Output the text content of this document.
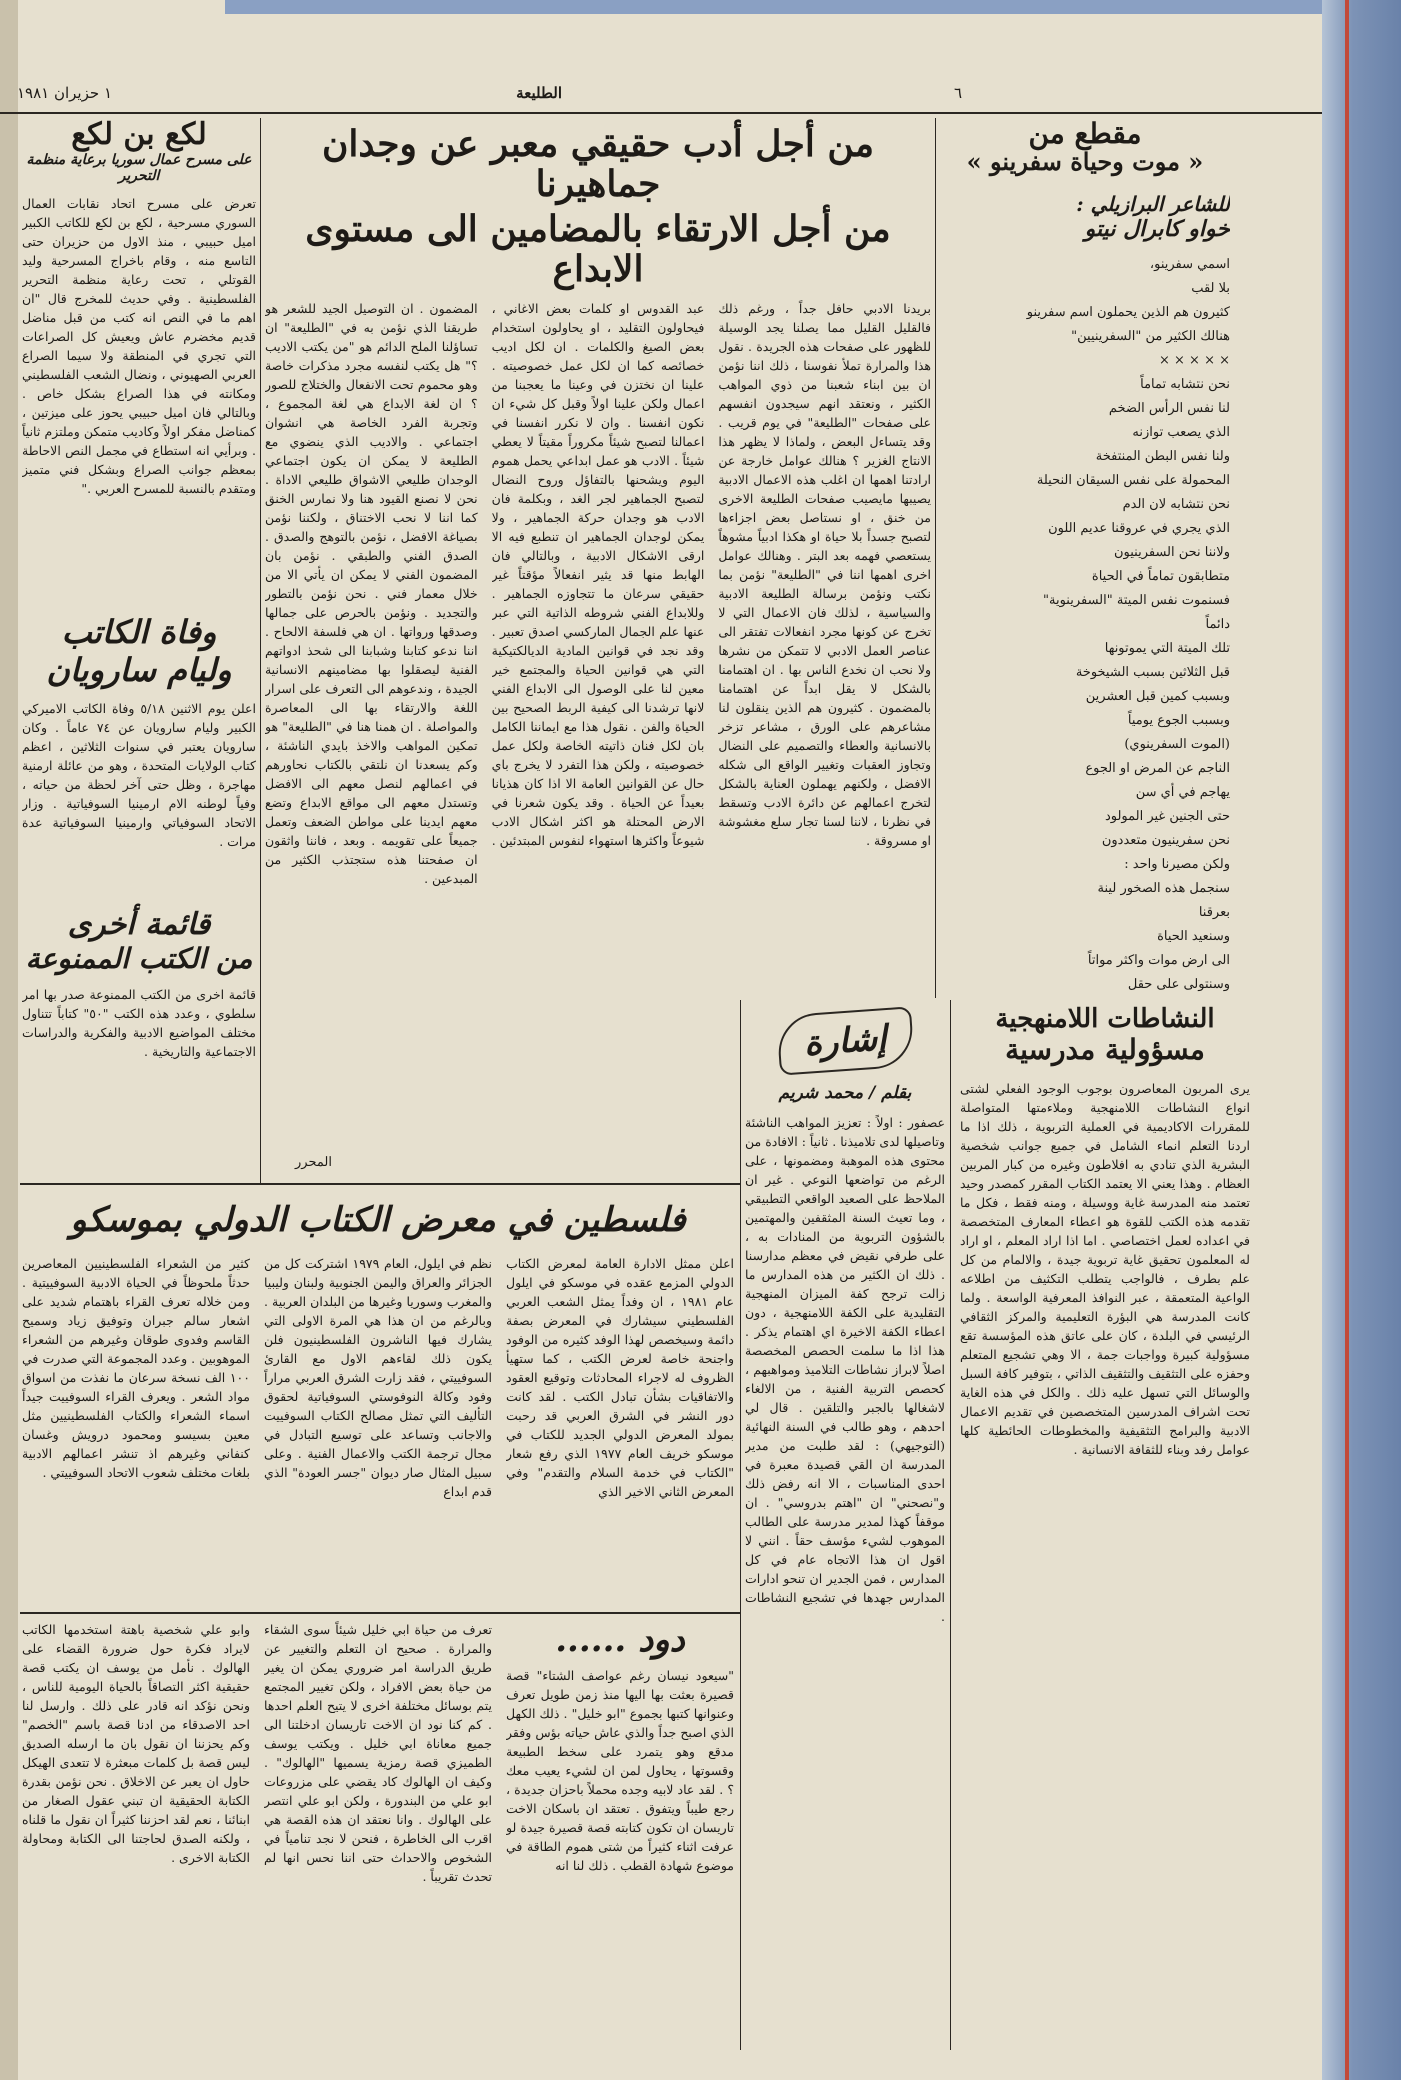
٦
الطليعة
١ حزيران ١٩٨١
مقطع من
« موت وحياة سفرينو »
للشاعر البرازيلي :
خواو كابرال نيتو
اسمي سفرينو،
بلا لقب
كثيرون هم الذين يحملون اسم سفرينو
هنالك الكثير من "السفرينيين"
× × × × ×
نحن نتشابه تماماً
لنا نفس الرأس الضخم
الذي يصعب توازنه
ولنا نفس البطن المنتفخة
المحمولة على نفس السيقان النحيلة
نحن نتشابه لان الدم
الذي يجري في عروقنا عديم اللون
ولاننا نحن السفرينيون
متطابقون تماماً في الحياة
فسنموت نفس الميتة "السفرينوية"
دائماً
تلك الميتة التي يموتونها
قبل الثلاثين بسبب الشيخوخة
وبسبب كمين قبل العشرين
وبسبب الجوع يومياً
(الموت السفرينوي)
الناجم عن المرض او الجوع
يهاجم في أي سن
حتى الجنين غير المولود
نحن سفرينيون متعددون
ولكن مصيرنا واحد :
سنجمل هذه الصخور لينة
بعرقنا
وسنعيد الحياة
الى ارض موات واكثر مواتاً
وسنتولى على حقل
من أجل أدب حقيقي معبر عن وجدان جماهيرنا
من أجل الارتقاء بالمضامين الى مستوى الابداع
بريدنا الادبي حافل جداً ، ورغم ذلك فالقليل القليل مما يصلنا يجد الوسيلة للظهور على صفحات هذه الجريدة . نقول هذا والمرارة تملأ نفوسنا ، ذلك اننا نؤمن ان بين ابناء شعبنا من ذوي المواهب الكثير ، ونعتقد انهم سيجدون انفسهم على صفحات "الطليعة" في يوم قريب . وقد يتساءل البعض ، ولماذا لا يظهر هذا الانتاج الغزير ؟ هنالك عوامل خارجة عن ارادتنا اهمها ان اغلب هذه الاعمال الادبية يصيبها مايصيب صفحات الطليعة الاخرى من خنق ، او نستاصل بعض اجزاءها لتصبح جسداً بلا حياة او هكذا ادبياً مشوهاً يستعصي فهمه بعد البتر . وهنالك عوامل اخرى اهمها اننا في "الطليعة" نؤمن بما نكتب ونؤمن برسالة الطليعة الادبية والسياسية ، لذلك فان الاعمال التي لا تخرج عن كونها مجرد انفعالات تفتقر الى عناصر العمل الادبي لا تتمكن من نشرها ولا نحب ان نخدع الناس بها . ان اهتمامنا بالشكل لا يقل ابداً عن اهتمامنا بالمضمون . كثيرون هم الذين ينقلون لنا مشاعرهم على الورق ، مشاعر تزخر بالانسانية والعطاء والتصميم على النضال وتجاوز العقبات وتغيير الواقع الى شكله الافضل ، ولكنهم يهملون العناية بالشكل لتخرج اعمالهم عن دائرة الادب وتسقط في نظرنا ، لاننا لسنا تجار سلع مغشوشة او مسروقة .
عبد القدوس او كلمات بعض الاغاني ، فيحاولون التقليد ، او يحاولون استخدام بعض الصيغ والكلمات . ان لكل اديب خصائصه كما ان لكل عمل خصوصيته . علينا ان نختزن في وعينا ما يعجبنا من اعمال ولكن علينا اولاً وقبل كل شيء ان نكون انفسنا . وان لا نكرر انفسنا في اعمالنا لتصبح شيئاً مكروراً مقيتاً لا يعطي شيئاً . الادب هو عمل ابداعي يحمل هموم اليوم ويشحنها بالتفاؤل وروح النضال لتصبح الجماهير لجر الغد ، وبكلمة فان الادب هو وجدان حركة الجماهير ، ولا يمكن لوجدان الجماهير ان تنطبع فيه الا ارقى الاشكال الادبية ، وبالتالي فان الهابط منها قد يثير انفعالاً مؤقتاً غير حقيقي سرعان ما تتجاوزه الجماهير . وللابداع الفني شروطه الذاتية التي عبر عنها علم الجمال الماركسي اصدق تعبير . وقد نجد في قوانين المادية الديالكتيكية التي هي قوانين الحياة والمجتمع خير معين لنا على الوصول الى الابداع الفني لانها ترشدنا الى كيفية الربط الصحيح بين الحياة والفن . نقول هذا مع ايماننا الكامل بان لكل فنان ذاتيته الخاصة ولكل عمل خصوصيته ، ولكن هذا التفرد لا يخرج باي حال عن القوانين العامة الا اذا كان هذيانا بعيداً عن الحياة . وقد يكون شعرنا في الارض المحتلة هو اكثر اشكال الادب شيوعاً واكثرها استهواء لنفوس المبتدئين .
المضمون . ان التوصيل الجيد للشعر هو طريقنا الذي نؤمن به في "الطليعة" ان تساؤلنا الملح الدائم هو "من يكتب الاديب ؟" هل يكتب لنفسه مجرد مذكرات خاصة وهو محموم تحت الانفعال والختلاج للصور ؟ ان لغة الابداع هي لغة المجموع ، وتجربة الفرد الخاصة هي انشوان اجتماعي . والاديب الذي ينضوي مع الطليعة لا يمكن ان يكون اجتماعي الوجدان طليعي الاشواق طليعي الاداة . نحن لا نصنع القيود هنا ولا نمارس الخنق كما اننا لا نحب الاختناق ، ولكننا نؤمن بصياغة الافضل ، نؤمن بالتوهج والصدق . الصدق الفني والطبقي . نؤمن بان المضمون الفني لا يمكن ان يأتي الا من خلال معمار فني . نحن نؤمن بالتطور والتجديد . ونؤمن بالحرص على جمالها وصدقها ورواتها . ان هي فلسفة الالحاح . اننا ندعو كتابنا وشبابنا الى شحذ ادواتهم الفنية ليصقلوا بها مضامينهم الانسانية الجيدة ، وندعوهم الى التعرف على اسرار اللغة والارتقاء بها الى المعاصرة والمواصلة . ان همنا هنا في "الطليعة" هو تمكين المواهب والاخذ بايدي الناشئة ، وكم يسعدنا ان نلتقي بالكتاب نحاورهم في اعمالهم لنصل معهم الى الافضل وتستدل معهم الى مواقع الابداع وتضع معهم ايدينا على مواطن الضعف وتعمل جميعاً على تقويمه . وبعد ، فاننا واثقون ان صفحتنا هذه ستجتذب الكثير من المبدعين .
المحرر
لكع بن لكع
على مسرح عمال سوريا برعاية منظمة التحرير
تعرض على مسرح اتحاد نقابات العمال السوري مسرحية ، لكع بن لكع للكاتب الكبير اميل حبيبي ، منذ الاول من حزيران حتى التاسع منه ، وقام باخراج المسرحية وليد القوتلي ، تحت رعاية منظمة التحرير الفلسطينية . وفي حديث للمخرج قال "ان اهم ما في النص انه كتب من قبل مناضل قديم مخضرم عاش ويعيش كل الصراعات التي تجري في المنطقة ولا سيما الصراع العربي الصهيوني ، ونضال الشعب الفلسطيني ومكانته في هذا الصراع بشكل خاص . وبالتالي فان اميل حبيبي يحوز على ميزتين ، كمناضل مفكر اولاً وكاديب متمكن وملتزم ثانياً . وبرأيي انه استطاع في مجمل النص الاحاطة بمعظم جوانب الصراع وبشكل فني متميز ومتقدم بالنسبة للمسرح العربي ."
وفاة الكاتب
وليام سارويان
اعلن يوم الاثنين ٥/١٨ وفاة الكاتب الاميركي الكبير وليام سارويان عن ٧٤ عاماً . وكان سارويان يعتبر في سنوات الثلاثين ، اعظم كتاب الولايات المتحدة ، وهو من عائلة ارمنية مهاجرة ، وظل حتى آخر لحظة من حياته ، وفياً لوطنه الام ارمينيا السوفياتية . وزار الاتحاد السوفياتي وارمينيا السوفياتية عدة مرات .
قائمة أخرى
من الكتب الممنوعة
قائمة اخرى من الكتب الممنوعة صدر بها امر سلطوي ، وعدد هذه الكتب "٥٠" كتاباً تتناول مختلف المواضيع الادبية والفكرية والدراسات الاجتماعية والتاريخية .
النشاطات اللامنهجية
مسؤولية مدرسية
يرى المربون المعاصرون بوجوب الوجود الفعلي لشتى انواع النشاطات اللامنهجية وملاءمتها المتواصلة للمقررات الاكاديمية في العملية التربوية ، ذلك اذا ما اردنا التعلم انماء الشامل في جميع جوانب شخصية البشرية الذي تنادي به افلاطون وغيره من كبار المربين العظام . وهذا يعني الا يعتمد الكتاب المقرر كمصدر وحيد تعتمد منه المدرسة غاية ووسيلة ، ومنه فقط ، فكل ما تقدمه هذه الكتب للقوة هو اعطاء المعارف المتخصصة في اعداده لعمل اختصاصي . اما اذا اراد المعلم ، او اراد له المعلمون تحقيق غاية تربوية جيدة ، والالمام من كل علم بطرف ، فالواجب يتطلب التكثيف من اطلاعه الواعية المتعمقة ، عبر النوافذ المعرفية الواسعة . ولما كانت المدرسة هي البؤرة التعليمية والمركز الثقافي الرئيسي في البلدة ، كان على عاتق هذه المؤسسة تقع مسؤولية كبيرة وواجبات جمة ، الا وهي تشجيع المتعلم وحفزه على التثقيف والتثقيف الذاتي ، بتوفير كافة السبل والوسائل التي تسهل عليه ذلك . والكل في هذه الغاية تحت اشراف المدرسين المتخصصين في تقديم الاعمال الادبية والبرامج التثقيفية والمخطوطات الحائطية كلها عوامل رفد وبناء للثقافة الانسانية .
إشارة
بقلم / محمد شريم
عصفور : اولاً : تعزيز المواهب الناشئة وتاصيلها لدى تلاميذنا . ثانياً : الافادة من محتوى هذه الموهبة ومضمونها ، على الرغم من تواضعها النوعي . غير ان الملاحظ على الصعيد الواقعي التطبيقي ، وما تعيث السنة المثقفين والمهتمين بالشؤون التربوية من المنادات به ، على طرفي نقيض في معظم مدارسنا . ذلك ان الكثير من هذه المدارس ما زالت ترجح كفة الميزان المنهجية التقليدية على الكفة اللامنهجية ، دون اعطاء الكفة الاخيرة اي اهتمام يذكر . هذا اذا ما سلمت الحصص المخصصة اصلاً لابراز نشاطات التلاميذ ومواهبهم ، كحصص التربية الفنية ، من الالغاء لاشغالها بالجبر والتلقين . قال لي احدهم ، وهو طالب في السنة النهائية (التوجيهي) : لقد طلبت من مدير المدرسة ان القي قصيدة معبرة في احدى المناسبات ، الا انه رفض ذلك و"نصحني" ان "اهتم بدروسي" . ان موقفاً كهذا لمدير مدرسة على الطالب الموهوب لشيء مؤسف حقاً . انني لا اقول ان هذا الاتجاه عام في كل المدارس ، فمن الجدير ان تنحو ادارات المدارس جهدها في تشجيع النشاطات .
فلسطين في معرض الكتاب الدولي بموسكو
اعلن ممثل الادارة العامة لمعرض الكتاب الدولي المزمع عقده في موسكو في ايلول عام ١٩٨١ ، ان وفداً يمثل الشعب العربي الفلسطيني سيشارك في المعرض بصفة دائمة وسيخصص لهذا الوفد كثيره من الوفود واجنحة خاصة لعرض الكتب ، كما ستهيأ الظروف له لاجراء المحادثات وتوقيع العقود والاتفاقيات بشأن تبادل الكتب . لقد كانت دور النشر في الشرق العربي قد رحبت بمولد المعرض الدولي الجديد للكتاب في موسكو خريف العام ١٩٧٧ الذي رفع شعار "الكتاب في خدمة السلام والتقدم" وفي المعرض الثاني الاخير الذي
نظم في ايلول، العام ١٩٧٩ اشتركت كل من الجزائر والعراق واليمن الجنوبية ولبنان وليبيا والمغرب وسوريا وغيرها من البلدان العربية . وبالرغم من ان هذا هي المرة الاولى التي يشارك فيها الناشرون الفلسطينيون فلن يكون ذلك لقاءهم الاول مع القارئ السوفييتي ، فقد زارت الشرق العربي مراراً وفود وكالة النوفوستي السوفياتية لحقوق التأليف التي تمثل مصالح الكتاب السوفييت والاجانب وتساعد على توسيع التبادل في مجال ترجمة الكتب والاعمال الفنية . وعلى سبيل المثال صار ديوان "جسر العودة" الذي قدم ابداع
كثير من الشعراء الفلسطينيين المعاصرين حدثاً ملحوظاً في الحياة الادبية السوفييتية . ومن خلاله تعرف القراء باهتمام شديد على اشعار سالم جبران وتوفيق زياد وسميح القاسم وفدوى طوقان وغيرهم من الشعراء الموهوبين . وعدد المجموعة التي صدرت في ١٠٠ الف نسخة سرعان ما نفذت من اسواق مواد الشعر . ويعرف القراء السوفييت جيداً اسماء الشعراء والكتاب الفلسطينيين مثل معين بسيسو ومحمود درويش وغسان كنفاني وغيرهم اذ تنشر اعمالهم الادبية بلغات مختلف شعوب الاتحاد السوفييتي .
دود ......
"سيعود نيسان رغم عواصف الشتاء" قصة قصيرة بعثت بها اليها منذ زمن طويل تعرف وعنوانها كتبها بجموع "ابو خليل" . ذلك الكهل الذي اصبح جداً والذي عاش حياته بؤس وفقر مدقع وهو يتمرد على سخط الطبيعة وقسوتها ، يحاول لمن ان لشيء يعيب معك ؟ . لقد عاد لابيه وجده محملاً باحزان جديدة ، رجع طيباً ويتفوق . تعتقد ان باسكان الاخت تاريسان ان تكون كتابته قصة قصيرة جيدة لو عرفت اثناء كثيراً من شتى هموم الطاقة في موضوع شهادة القطب . ذلك لنا انه
تعرف من حياة ابي خليل شيئاً سوى الشقاء والمرارة . صحيح ان التعلم والتغيير عن طريق الدراسة امر ضروري يمكن ان يغير من حياة بعض الافراد ، ولكن تغيير المجتمع يتم بوسائل مختلفة اخرى لا يتيح العلم احدها . كم كنا نود ان الاخت تاريسان ادخلتنا الى جميع معاناة ابي خليل . ويكتب يوسف الطميزي قصة رمزية يسميها "الهالوك" . وكيف ان الهالوك كاد يقضي على مزروعات ابو علي من البندورة ، ولكن ابو علي انتصر على الهالوك . وانا نعتقد ان هذه القصة هي اقرب الى الخاطرة ، فنحن لا نجد تنامياً في الشخوص والاحداث حتى اننا نحس انها لم تحدث تقريباً .
وابو علي شخصية باهتة استخدمها الكاتب لايراد فكرة حول ضرورة القضاء على الهالوك . نأمل من يوسف ان يكتب قصة حقيقية اكثر التصاقاً بالحياة اليومية للناس ، ونحن نؤكد انه قادر على ذلك . وارسل لنا احد الاصدقاء من ادنا قصة باسم "الخصم" وكم يحزننا ان نقول بان ما ارسله الصديق ليس قصة بل كلمات مبعثرة لا تتعدى الهيكل حاول ان يعبر عن الاخلاق . نحن نؤمن بقدرة الكتابة الحقيقية ان تبني عقول الصغار من ابنائنا ، نعم لقد احزننا كثيراً ان نقول ما قلناه ، ولكنه الصدق لحاجتنا الى الكتابة ومحاولة الكتابة الاخرى .
